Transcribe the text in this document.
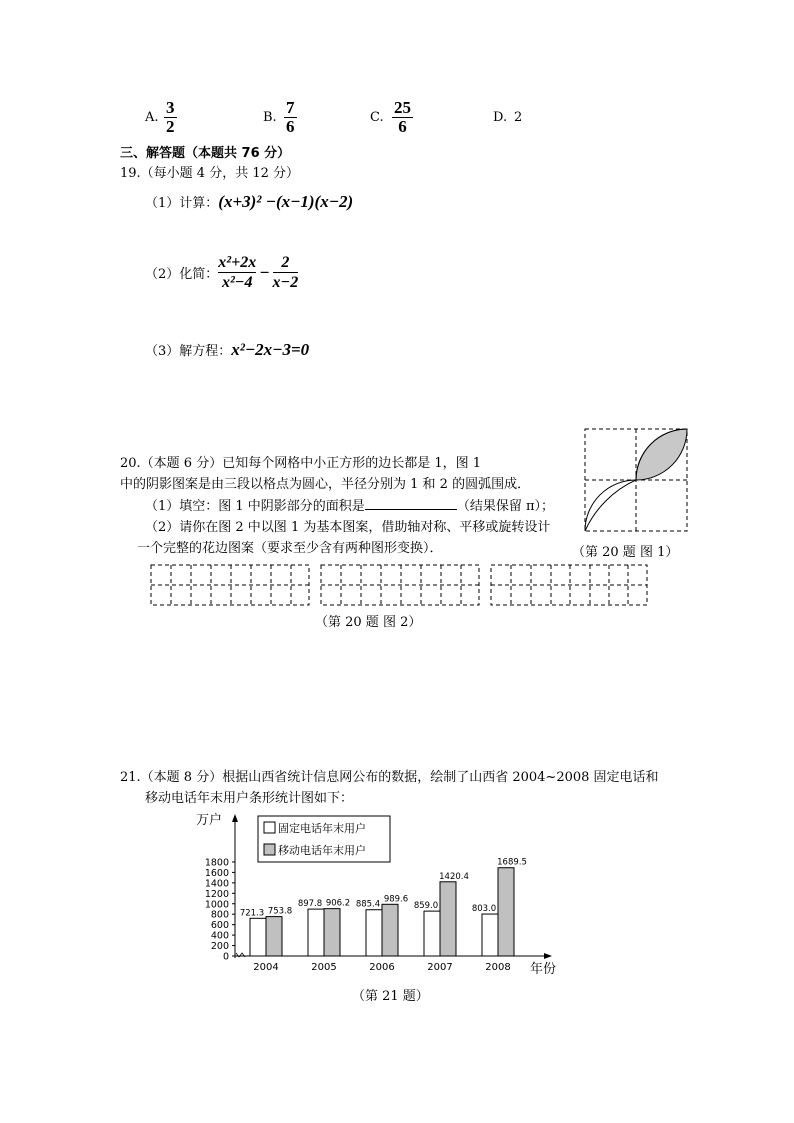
A.
3
2	B.
7
6	C.
25
6	D. 2
三、解答题（本题共 76 分）
19.（每小题 4 分，共 12 分）
（1）计算：(x+3)² −(x−1)(x−2)
（2）化简：
x²+2x
x²−4
− 2
x−2
（3）解方程：x²−2x−3=0
20.（本题 6 分）已知每个网格中小正方形的边长都是 1，图 1
中的阴影图案是由三段以格点为圆心，半径分别为 1 和 2 的圆弧围成．
（1）填空：图 1 中阴影部分的面积是	（结果保留 π）；
（2）请你在图 2 中以图 1 为基本图案，借助轴对称、平移或旋转设计
一个完整的花边图案（要求至少含有两种图形变换）．	（第 20 题 图 1）
（第 20 题 图 2）
21.（本题 8 分）根据山西省统计信息网公布的数据，绘制了山西省 2004~2008 固定电话和
移动电话年末用户条形统计图如下：
0
200
400
600
800
1000
1200
1400
1600
1800
万户
年份
721.3 753.8
2004
897.8 906.2
2005
885.4
989.6
2006
859.0
1420.4
2007
803.0
1689.5
2008
固定电话年末用户
移动电话年末用户
（第 21 题）
